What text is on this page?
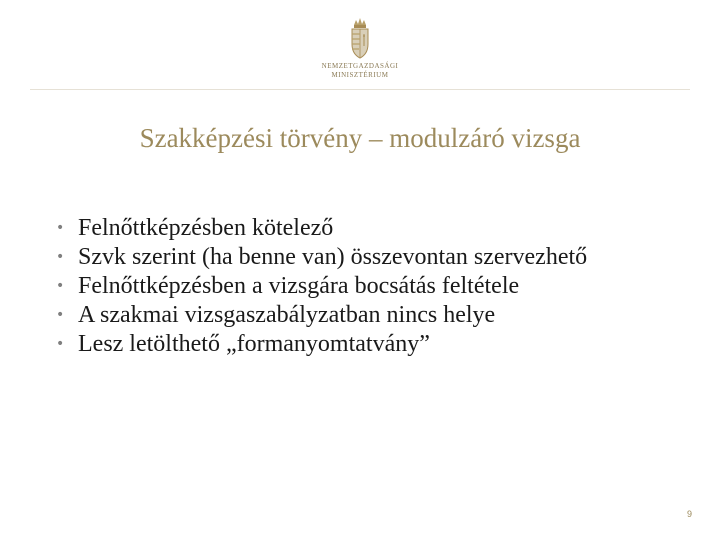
NEMZETGAZDASÁGI
MINISZTÉRIUM
Szakképzési törvény – modulzáró vizsga
• Felnőttképzésben kötelező
• Szvk szerint (ha benne van) összevontan szervezhető
• Felnőttképzésben a vizsgára bocsátás feltétele
• A szakmai vizsgaszabályzatban nincs helye
• Lesz letölthető „formanyomtatvány”
9
